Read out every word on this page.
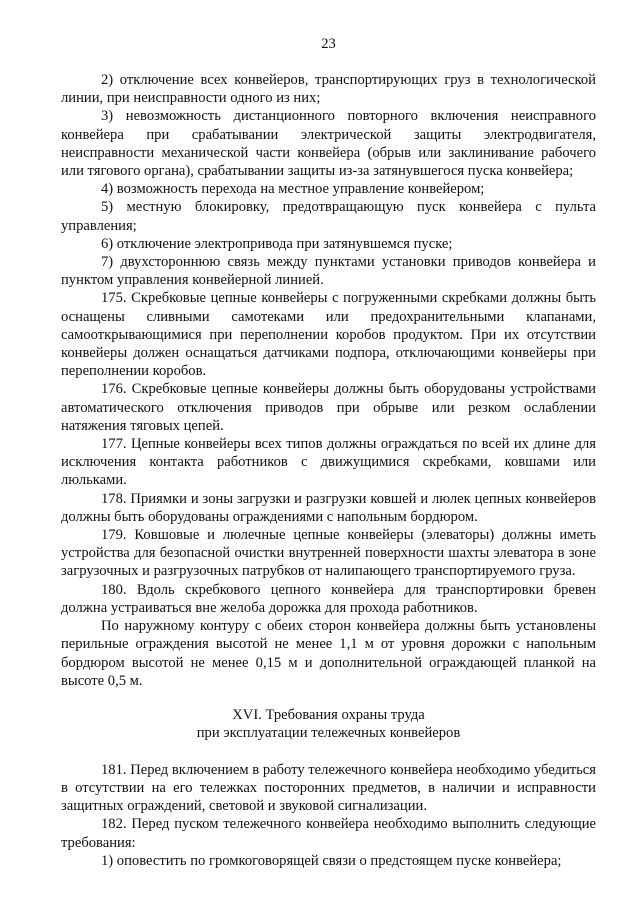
23

2) отключение всех конвейеров, транспортирующих груз в технологической линии, при неисправности одного из них;

3) невозможность дистанционного повторного включения неисправного конвейера при срабатывании электрической защиты электродвигателя, неисправности механической части конвейера (обрыв или заклинивание рабочего или тягового органа), срабатывании защиты из-за затянувшегося пуска конвейера;

4) возможность перехода на местное управление конвейером;

5) местную блокировку, предотвращающую пуск конвейера с пульта управления;

6) отключение электропривода при затянувшемся пуске;

7) двухстороннюю связь между пунктами установки приводов конвейера и пунктом управления конвейерной линией.

175. Скребковые цепные конвейеры с погруженными скребками должны быть оснащены сливными самотеками или предохранительными клапанами, самооткрывающимися при переполнении коробов продуктом. При их отсутствии конвейеры должен оснащаться датчиками подпора, отключающими конвейеры при переполнении коробов.

176. Скребковые цепные конвейеры должны быть оборудованы устройствами автоматического отключения приводов при обрыве или резком ослаблении натяжения тяговых цепей.

177. Цепные конвейеры всех типов должны ограждаться по всей их длине для исключения контакта работников с движущимися скребками, ковшами или люльками.

178. Приямки и зоны загрузки и разгрузки ковшей и люлек цепных конвейеров должны быть оборудованы ограждениями с напольным бордюром.

179. Ковшовые и люлечные цепные конвейеры (элеваторы) должны иметь устройства для безопасной очистки внутренней поверхности шахты элеватора в зоне загрузочных и разгрузочных патрубков от налипающего транспортируемого груза.

180. Вдоль скребкового цепного конвейера для транспортировки бревен должна устраиваться вне желоба дорожка для прохода работников.

По наружному контуру с обеих сторон конвейера должны быть установлены перильные ограждения высотой не менее 1,1 м от уровня дорожки с напольным бордюром высотой не менее 0,15 м и дополнительной ограждающей планкой на высоте 0,5 м.

XVI. Требования охраны труда
при эксплуатации тележечных конвейеров

181. Перед включением в работу тележечного конвейера необходимо убедиться в отсутствии на его тележках посторонних предметов, в наличии и исправности защитных ограждений, световой и звуковой сигнализации.

182. Перед пуском тележечного конвейера необходимо выполнить следующие требования:

1) оповестить по громкоговорящей связи о предстоящем пуске конвейера;
